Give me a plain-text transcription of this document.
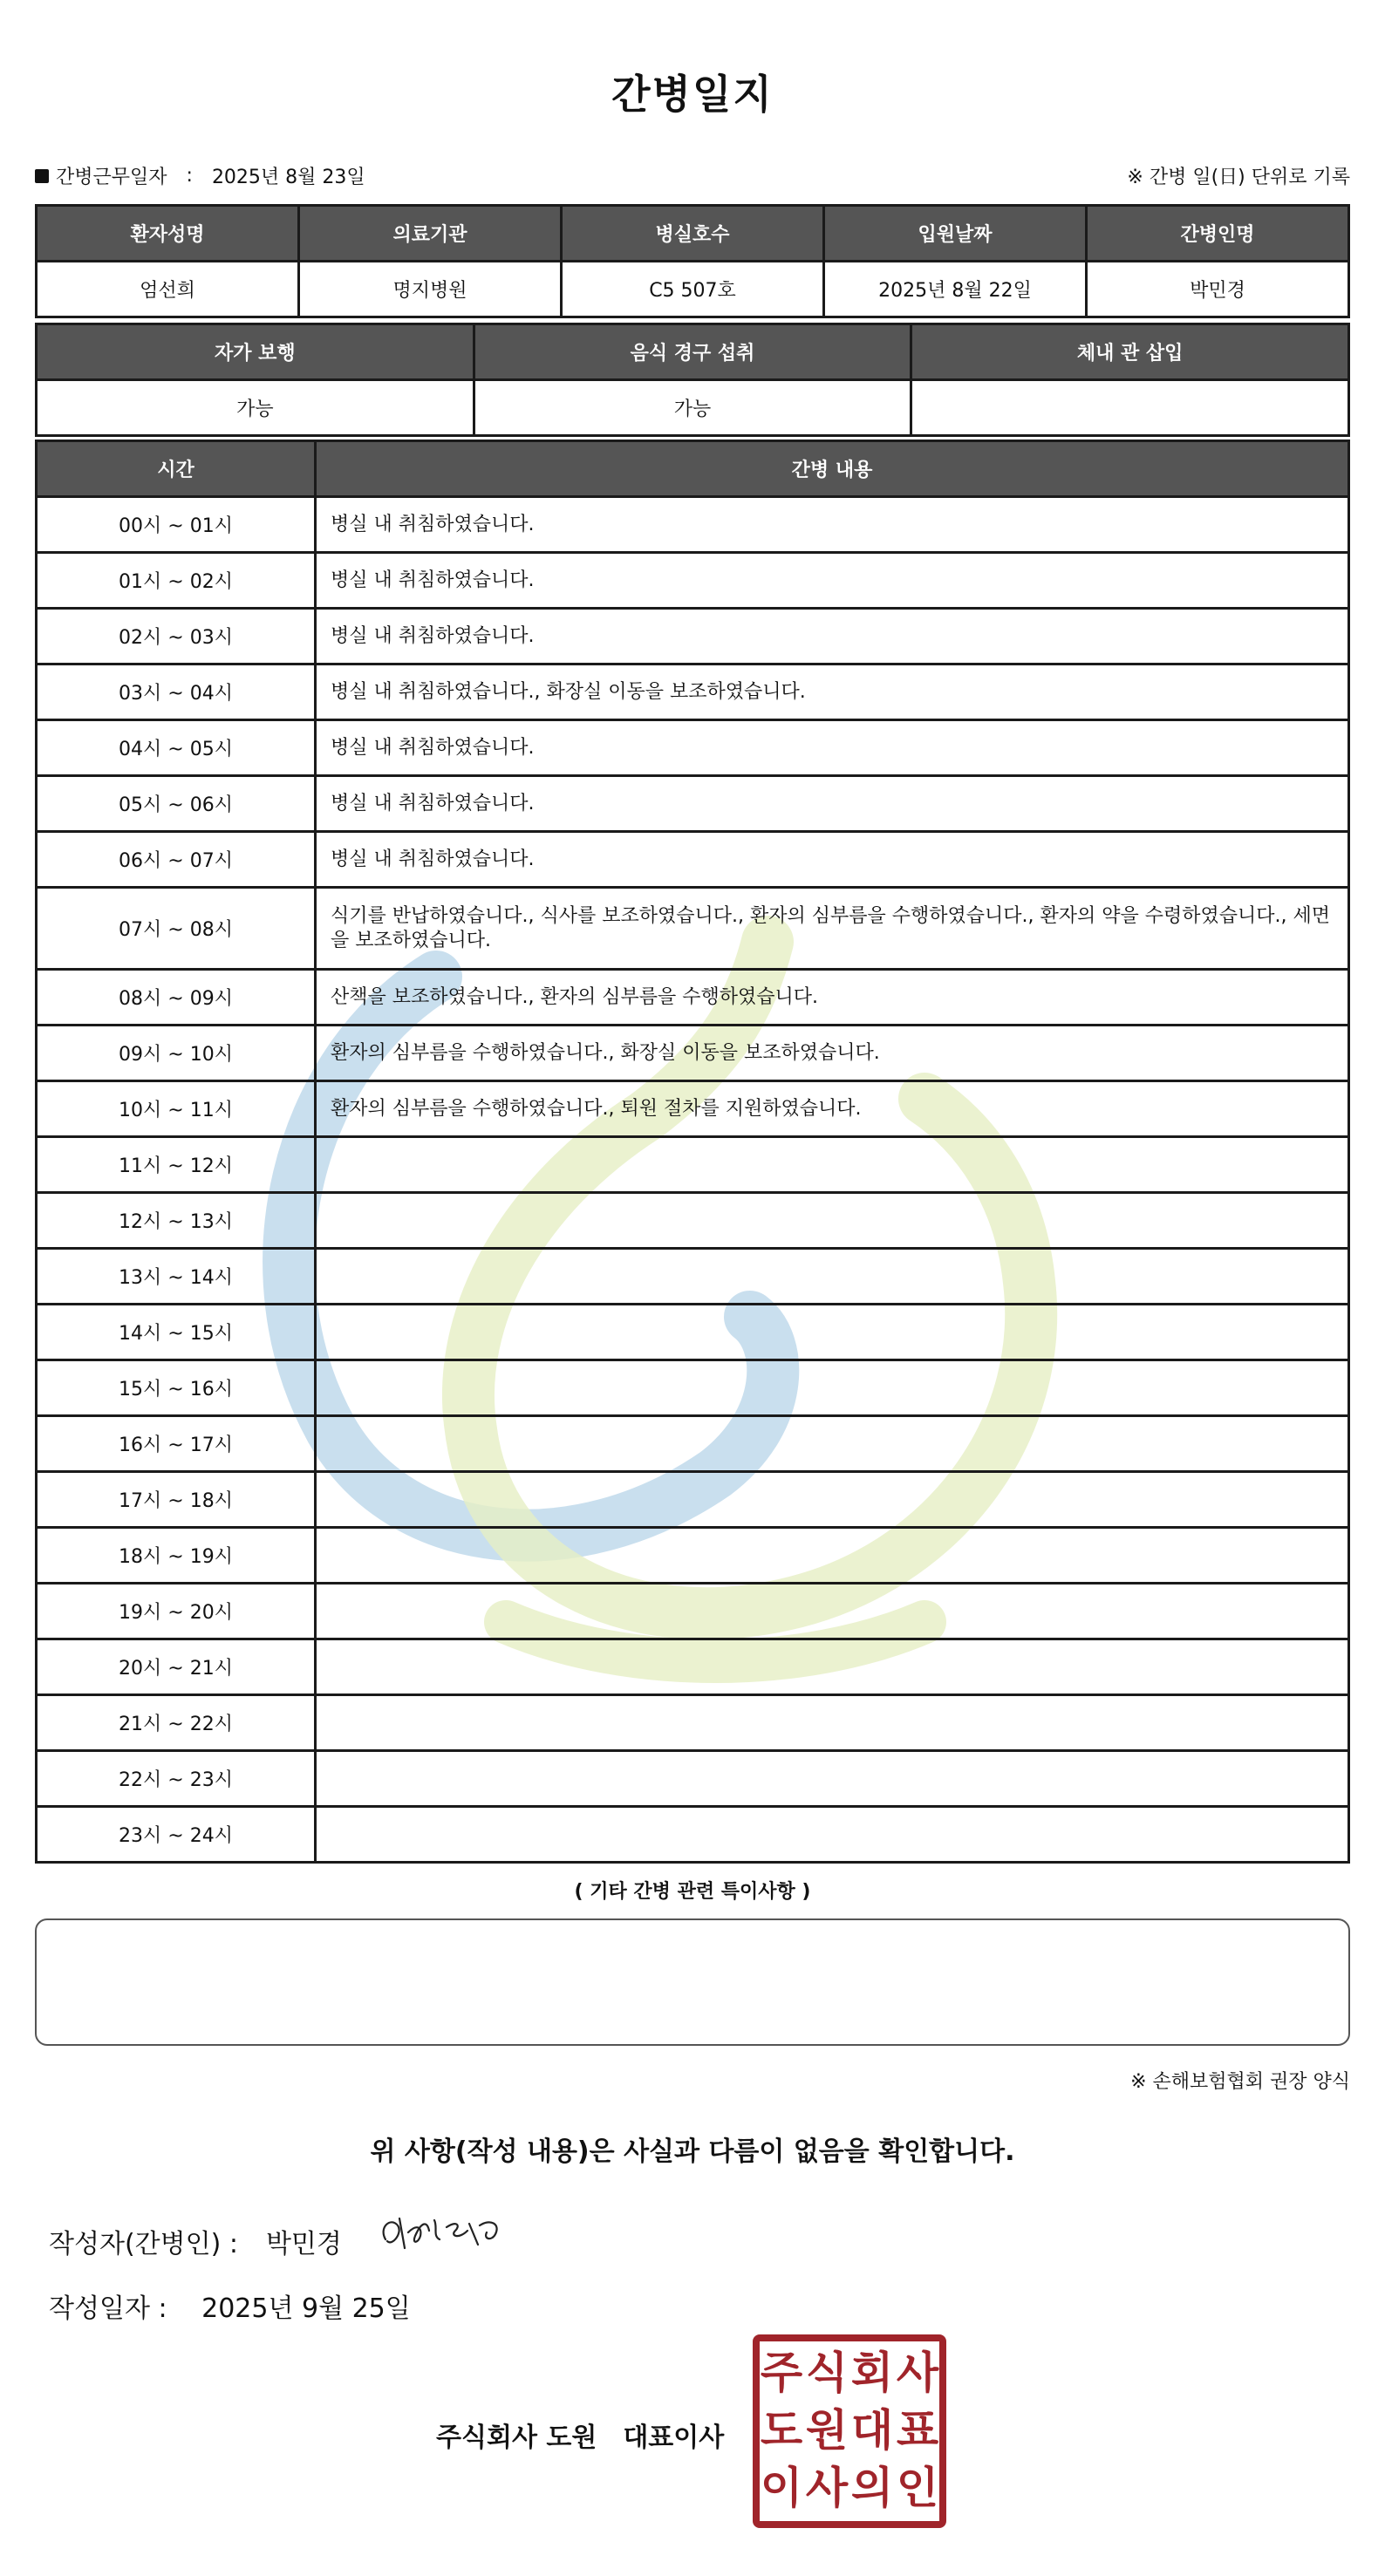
간병일지
간병근무일자 : 2025년 8월 23일	※ 간병 일(日) 단위로 기록
환자성명	의료기관	병실호수	입원날짜	간병인명
엄선희	명지병원	C5 507호	2025년 8월 22일	박민경
자가 보행	음식 경구 섭취	체내 관 삽입
가능	가능	
시간	간병 내용
00시 ~ 01시	병실 내 취침하였습니다.
01시 ~ 02시	병실 내 취침하였습니다.
02시 ~ 03시	병실 내 취침하였습니다.
03시 ~ 04시	병실 내 취침하였습니다., 화장실 이동을 보조하였습니다.
04시 ~ 05시	병실 내 취침하였습니다.
05시 ~ 06시	병실 내 취침하였습니다.
06시 ~ 07시	병실 내 취침하였습니다.
07시 ~ 08시	식기를 반납하였습니다., 식사를 보조하였습니다., 환자의 심부름을 수행하였습니다., 환자의 약을 수령하였습니다., 세면을 보조하였습니다.
08시 ~ 09시	산책을 보조하였습니다., 환자의 심부름을 수행하였습니다.
09시 ~ 10시	환자의 심부름을 수행하였습니다., 화장실 이동을 보조하였습니다.
10시 ~ 11시	환자의 심부름을 수행하였습니다., 퇴원 절차를 지원하였습니다.
11시 ~ 12시	
12시 ~ 13시	
13시 ~ 14시	
14시 ~ 15시	
15시 ~ 16시	
16시 ~ 17시	
17시 ~ 18시	
18시 ~ 19시	
19시 ~ 20시	
20시 ~ 21시	
21시 ~ 22시	
22시 ~ 23시	
23시 ~ 24시	
( 기타 간병 관련 특이사항 )
※ 손해보험협회 권장 양식
위 사항(작성 내용)은 사실과 다름이 없음을 확인합니다.
작성자(간병인) : 박민경
작성일자 : 2025년 9월 25일
주식회사 도원 대표이사
주 식 회 사
도 원 대 표
이 사 의 인
